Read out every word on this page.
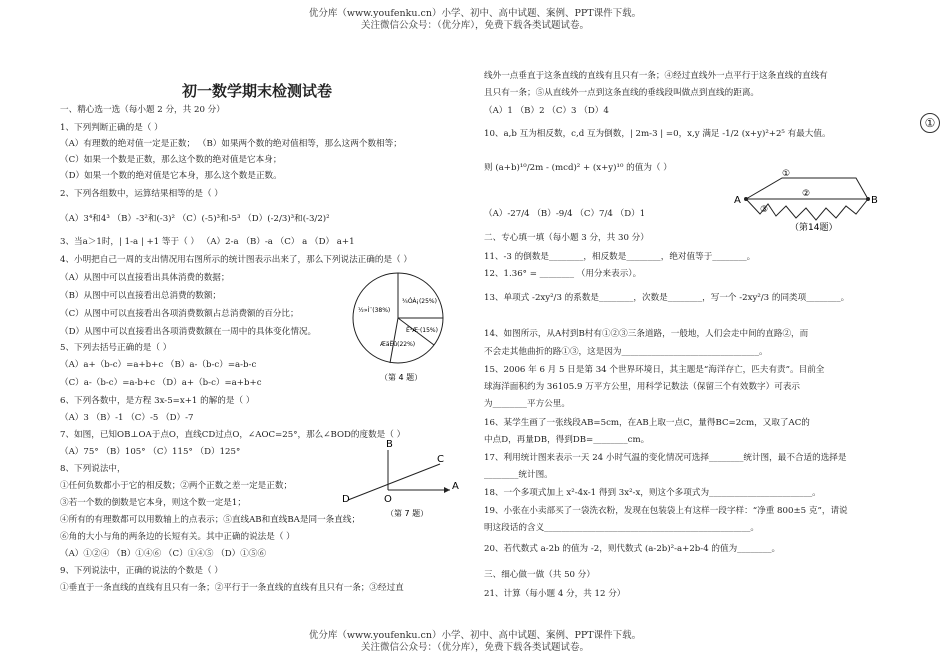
优分库（www.youfenku.cn）小学、初中、高中试题、案例、PPT课件下载。
关注微信公众号：（优分库），免费下载各类试题试卷。
初一数学期末检测试卷
①
一、精心选一选（每小题 2 分，共 20 分）
1、下列判断正确的是（ ）
（A）有理数的绝对值一定是正数； （B）如果两个数的绝对值相等，那么这两个数相等；
（C）如果一个数是正数，那么这个数的绝对值是它本身；
（D）如果一个数的绝对值是它本身，那么这个数是正数。
2、下列各组数中，运算结果相等的是（ ）
（A）3⁴和4³ （B）-3²和(-3)² （C）(-5)³和-5³ （D）(-2/3)³和(-3/2)²
3、当a＞1时，| 1-a | +1 等于（ ） （A）2-a （B）-a （C） a （D） a+1
4、小明把自己一周的支出情况用右图所示的统计图表示出来了，那么下列说法正确的是（ ）
（A）从图中可以直接看出具体消费的数据；
（B）从图中可以直接看出总消费的数额；
（C）从图中可以直接看出各项消费数额占总消费额的百分比；
（D）从图中可以直接看出各项消费数额在一周中的具体变化情况。
5、下列去括号正确的是（ ）
（A）a+（b-c）=a+b+c （B）a-（b-c）=a-b-c
（C）a-（b-c）=a-b+c （D）a+（b-c）=a+b+c
6、下列各数中，是方程 3x-5=x+1 的解的是（ ）
（A）3 （B）-1 （C）-5 （D）-7
7、如图，已知OB⊥OA于点O，直线CD过点O，∠AOC=25°，那么∠BOD的度数是（ ）
（A）75° （B）105° （C）115° （D）125°
8、下列说法中，
①任何负数都小于它的相反数；②两个正数之差一定是正数；
③若一个数的倒数是它本身，则这个数一定是1；
④所有的有理数都可以用数轴上的点表示；⑤直线AB和直线BA是同一条直线；
⑥角的大小与角的两条边的长短有关。其中正确的说法是（ ）
（A）①②④ （B）①④⑥ （C）①④⑤ （D）①⑤⑥
9、下列说法中，正确的说法的个数是（ ）
①垂直于一条直线的直线有且只有一条；②平行于一条直线的直线有且只有一条；③经过直
¾ÓÀ¡(25%)
½»Í¨(38%)
Ê³Æ·(15%)
ÆäËû(22%)
（第 4 题）
B
C
O
A
D
（第 7 题）
线外一点垂直于这条直线的直线有且只有一条；④经过直线外一点平行于这条直线的直线有
且只有一条；⑤从直线外一点到这条直线的垂线段叫做点到直线的距离。
（A）1 （B）2 （C）3 （D）4
10、a,b 互为相反数，c,d 互为倒数，| 2m-3 | =0，x,y 满足 -1/2 (x+y)²+2⁵ 有最大值。
则 (a+b)¹⁰/2m - (mcd)² + (x+y)¹⁰ 的值为（ ）
（A）-27/4 （B）-9/4 （C）7/4 （D）1
二、专心填一填（每小题 3 分，共 30 分）
11、-3 的倒数是________，相反数是________，绝对值等于________。
12、1.36° = ________ （用分来表示）。
13、单项式 -2xy²/3 的系数是________，次数是________，写一个 -2xy²/3 的同类项________。
14、如图所示，从A村到B村有①②③三条道路，一般地，人们会走中间的直路②，而
不会走其他曲折的路①③，这是因为________________________________。
15、2006 年 6 月 5 日是第 34 个世界环境日，其主题是“海洋存亡，匹夫有责”。目前全
球海洋面积约为 36105.9 万平方公里，用科学记数法（保留三个有效数字）可表示
为________平方公里。
16、某学生画了一张线段AB=5cm，在AB上取一点C，量得BC=2cm，又取了AC的
中点D，再量DB，得到DB=________cm。
17、利用统计图来表示一天 24 小时气温的变化情况可选择________统计图，最不合适的选择是
________统计图。
18、一个多项式加上 x²-4x-1 得到 3x²-x，则这个多项式为________________________。
19、小张在小卖部买了一袋洗衣粉，发现在包装袋上有这样一段字样：“净重 800±5 克”，请说
明这段话的含义________________________________________________。
20、若代数式 a-2b 的值为 -2，则代数式 (a-2b)²-a+2b-4 的值为________。
三、细心做一做（共 50 分）
21、计算（每小题 4 分，共 12 分）
①
②
③
A	B
（第14题）
优分库（www.youfenku.cn）小学、初中、高中试题、案例、PPT课件下载。
关注微信公众号：（优分库），免费下载各类试题试卷。
